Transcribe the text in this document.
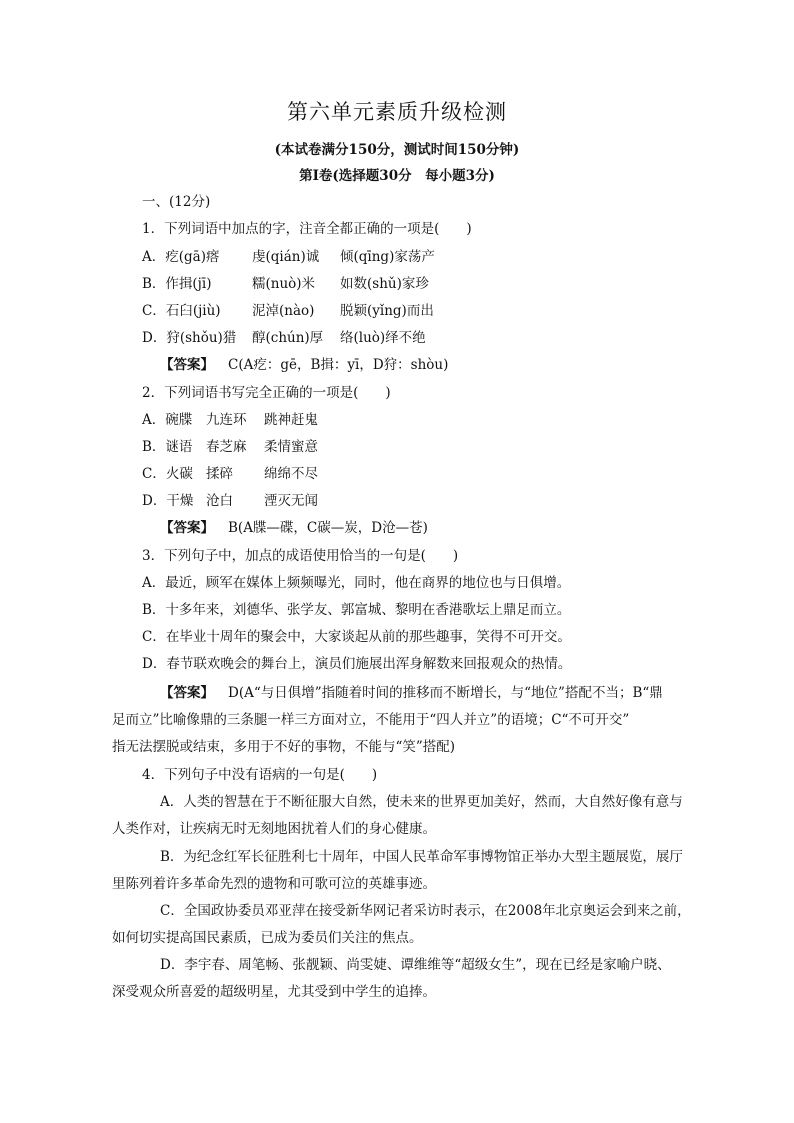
第六单元素质升级检测
(本试卷满分150分，测试时间150分钟)
第Ⅰ卷(选择题30分　每小题3分)
一、(12分)
1．下列词语中加点的字，注音全都正确的一项是(　　)
A．疙(gā)瘩 虔(qián)诚 倾(qīng)家荡产
B．作揖(jī)	糯(nuò)米 如数(shǔ)家珍
C．石臼(jiù) 泥淖(nào) 脱颖(yǐng)而出
D．狩(shǒu)猎 醇(chún)厚 络(luò)绎不绝
【答案】 C(A疙：gē，B揖：yī，D狩：shòu)
2．下列词语书写完全正确的一项是(　　)
A．碗牒 九连环 跳神赶鬼
B．谜语 春芝麻 柔情蜜意
C．火碳 揉碎 绵绵不尽
D．干燥 沧白 湮灭无闻
【答案】 B(A牒—碟，C碳—炭，D沧—苍)
3．下列句子中，加点的成语使用恰当的一句是(　　)
A．最近，顾军在媒体上频频曝光，同时，他在商界的地位也与日俱增。
B．十多年来，刘德华、张学友、郭富城、黎明在香港歌坛上鼎足而立。
C．在毕业十周年的聚会中，大家谈起从前的那些趣事，笑得不可开交。
D．春节联欢晚会的舞台上，演员们施展出浑身解数来回报观众的热情。
【答案】 D(A“与日俱增”指随着时间的推移而不断增长，与“地位”搭配不当；B“鼎
足而立”比喻像鼎的三条腿一样三方面对立，不能用于“四人并立”的语境；C“不可开交”
指无法摆脱或结束，多用于不好的事物，不能与“笑”搭配)
4．下列句子中没有语病的一句是(　　)
A．人类的智慧在于不断征服大自然，使未来的世界更加美好，然而，大自然好像有意与
人类作对，让疾病无时无刻地困扰着人们的身心健康。
B．为纪念红军长征胜利七十周年，中国人民革命军事博物馆正举办大型主题展览，展厅
里陈列着许多革命先烈的遗物和可歌可泣的英雄事迹。
C．全国政协委员邓亚萍在接受新华网记者采访时表示，在2008年北京奥运会到来之前，
如何切实提高国民素质，已成为委员们关注的焦点。
D．李宇春、周笔畅、张靓颖、尚雯婕、谭维维等“超级女生”，现在已经是家喻户晓、
深受观众所喜爱的超级明星，尤其受到中学生的追捧。
